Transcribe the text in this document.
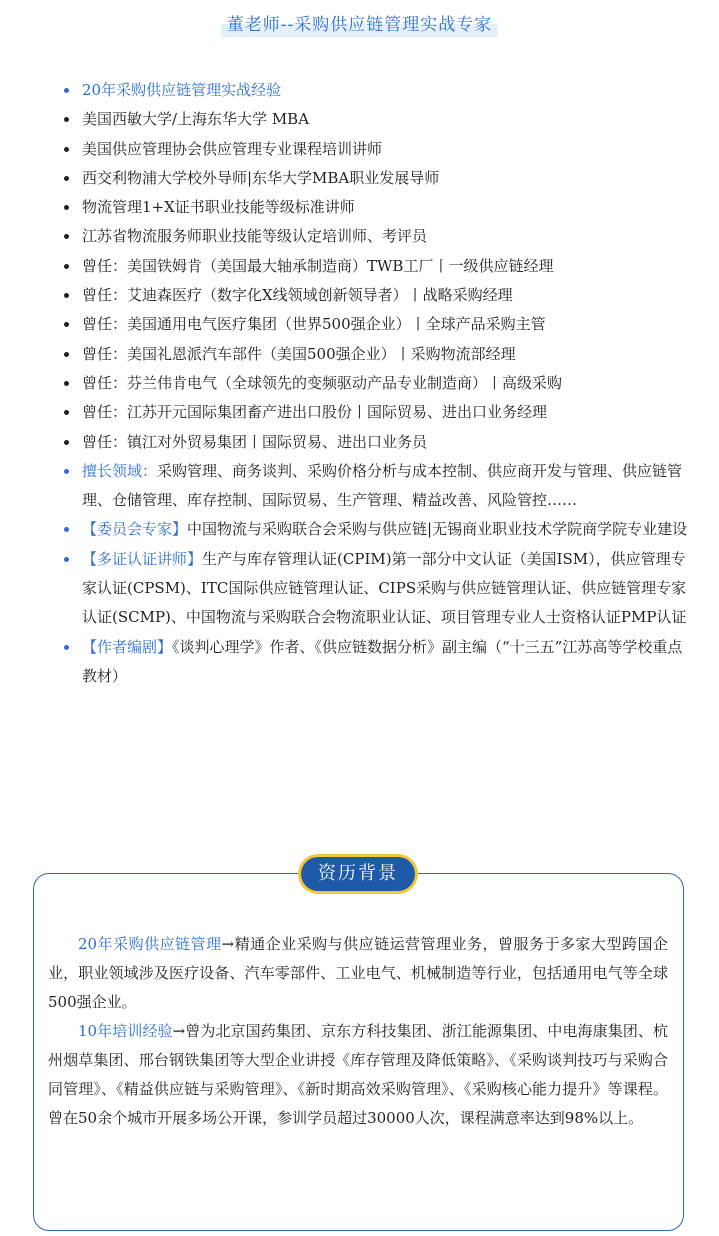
董老师--采购供应链管理实战专家
20年采购供应链管理实战经验
美国西敏大学/上海东华大学 MBA
美国供应管理协会供应管理专业课程培训讲师
西交利物浦大学校外导师|东华大学MBA职业发展导师
物流管理1+X证书职业技能等级标准讲师
江苏省物流服务师职业技能等级认定培训师、考评员
曾任：美国铁姆肯（美国最大轴承制造商）TWB工厂丨一级供应链经理
曾任：艾迪森医疗（数字化X线领域创新领导者）丨战略采购经理
曾任：美国通用电气医疗集团（世界500强企业）丨全球产品采购主管
曾任：美国礼恩派汽车部件（美国500强企业）丨采购物流部经理
曾任：芬兰伟肯电气（全球领先的变频驱动产品专业制造商）丨高级采购
曾任：江苏开元国际集团畜产进出口股份丨国际贸易、进出口业务经理
曾任：镇江对外贸易集团丨国际贸易、进出口业务员
擅长领域：采购管理、商务谈判、采购价格分析与成本控制、供应商开发与管理、供应链管理、仓储管理、库存控制、国际贸易、生产管理、精益改善、风险管控……
【委员会专家】中国物流与采购联合会采购与供应链|无锡商业职业技术学院商学院专业建设
【多证认证讲师】生产与库存管理认证(CPIM)第一部分中文认证（美国ISM），供应管理专家认证(CPSM)、ITC国际供应链管理认证、CIPS采购与供应链管理认证、供应链管理专家认证(SCMP)、中国物流与采购联合会物流职业认证、项目管理专业人士资格认证PMP认证
【作者编剧】《谈判心理学》作者、《供应链数据分析》副主编（“十三五”江苏高等学校重点教材）
资历背景

20年采购供应链管理→精通企业采购与供应链运营管理业务，曾服务于多家大型跨国企业，职业领域涉及医疗设备、汽车零部件、工业电气、机械制造等行业，包括通用电气等全球500强企业。

10年培训经验→曾为北京国药集团、京东方科技集团、浙江能源集团、中电海康集团、杭州烟草集团、邢台钢铁集团等大型企业讲授《库存管理及降低策略》、《采购谈判技巧与采购合同管理》、《精益供应链与采购管理》、《新时期高效采购管理》、《采购核心能力提升》等课程。曾在50余个城市开展多场公开课，参训学员超过30000人次，课程满意率达到98%以上。
